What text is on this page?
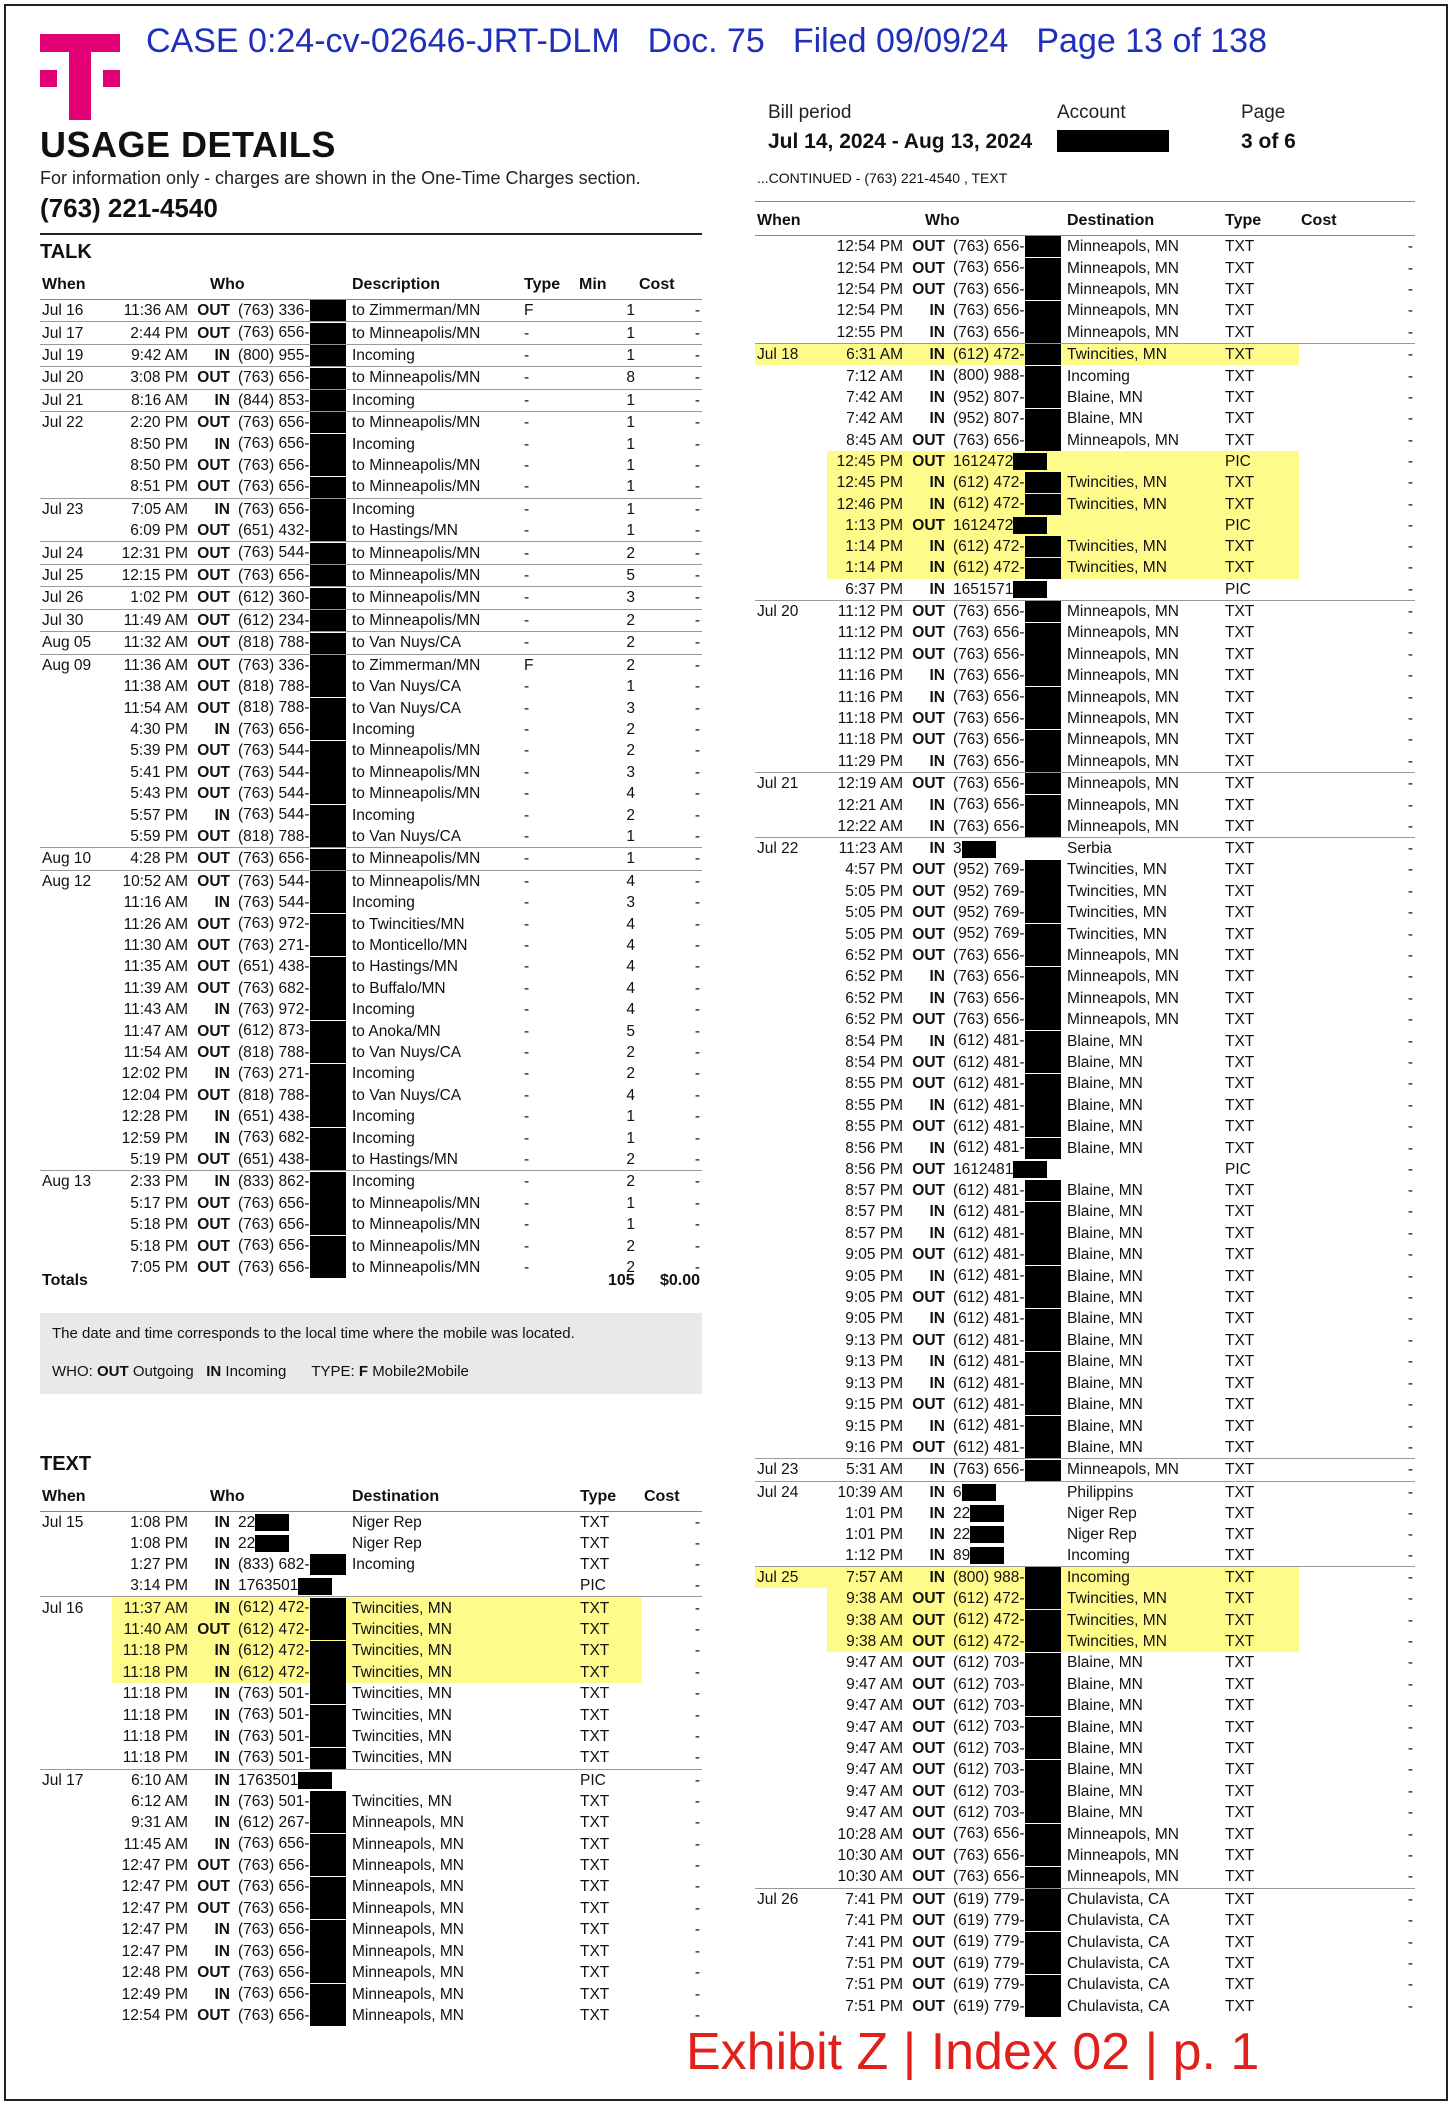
CASE 0:24-cv-02646-JRT-DLM Doc. 75 Filed 09/09/24 Page 13 of 138
USAGE DETAILS
For information only - charges are shown in the One-Time Charges section.
(763) 221-4540
Bill period
Jul 14, 2024 - Aug 13, 2024
Account	Page
3 of 6
...CONTINUED - (763) 221-4540 , TEXT
TALK
When		Who		Description	Type	Min	Cost
Jul 16	11:36 AM	OUT	(763) 336-	to Zimmerman/MN	F	1	-
Jul 17	2:44 PM	OUT	(763) 656-	to Minneapolis/MN	-	1	-
Jul 19	9:42 AM	IN	(800) 955-	Incoming	-	1	-
Jul 20	3:08 PM	OUT	(763) 656-	to Minneapolis/MN	-	8	-
Jul 21	8:16 AM	IN	(844) 853-	Incoming	-	1	-
Jul 22	2:20 PM	OUT	(763) 656-	to Minneapolis/MN	-	1	-
	8:50 PM	IN	(763) 656-	Incoming	-	1	-
	8:50 PM	OUT	(763) 656-	to Minneapolis/MN	-	1	-
	8:51 PM	OUT	(763) 656-	to Minneapolis/MN	-	1	-
Jul 23	7:05 AM	IN	(763) 656-	Incoming	-	1	-
	6:09 PM	OUT	(651) 432-	to Hastings/MN	-	1	-
Jul 24	12:31 PM	OUT	(763) 544-	to Minneapolis/MN	-	2	-
Jul 25	12:15 PM	OUT	(763) 656-	to Minneapolis/MN	-	5	-
Jul 26	1:02 PM	OUT	(612) 360-	to Minneapolis/MN	-	3	-
Jul 30	11:49 AM	OUT	(612) 234-	to Minneapolis/MN	-	2	-
Aug 05	11:32 AM	OUT	(818) 788-	to Van Nuys/CA	-	2	-
Aug 09	11:36 AM	OUT	(763) 336-	to Zimmerman/MN	F	2	-
	11:38 AM	OUT	(818) 788-	to Van Nuys/CA	-	1	-
	11:54 AM	OUT	(818) 788-	to Van Nuys/CA	-	3	-
	4:30 PM	IN	(763) 656-	Incoming	-	2	-
	5:39 PM	OUT	(763) 544-	to Minneapolis/MN	-	2	-
	5:41 PM	OUT	(763) 544-	to Minneapolis/MN	-	3	-
	5:43 PM	OUT	(763) 544-	to Minneapolis/MN	-	4	-
	5:57 PM	IN	(763) 544-	Incoming	-	2	-
	5:59 PM	OUT	(818) 788-	to Van Nuys/CA	-	1	-
Aug 10	4:28 PM	OUT	(763) 656-	to Minneapolis/MN	-	1	-
Aug 12	10:52 AM	OUT	(763) 544-	to Minneapolis/MN	-	4	-
	11:16 AM	IN	(763) 544-	Incoming	-	3	-
	11:26 AM	OUT	(763) 972-	to Twincities/MN	-	4	-
	11:30 AM	OUT	(763) 271-	to Monticello/MN	-	4	-
	11:35 AM	OUT	(651) 438-	to Hastings/MN	-	4	-
	11:39 AM	OUT	(763) 682-	to Buffalo/MN	-	4	-
	11:43 AM	IN	(763) 972-	Incoming	-	4	-
	11:47 AM	OUT	(612) 873-	to Anoka/MN	-	5	-
	11:54 AM	OUT	(818) 788-	to Van Nuys/CA	-	2	-
	12:02 PM	IN	(763) 271-	Incoming	-	2	-
	12:04 PM	OUT	(818) 788-	to Van Nuys/CA	-	4	-
	12:28 PM	IN	(651) 438-	Incoming	-	1	-
	12:59 PM	IN	(763) 682-	Incoming	-	1	-
	5:19 PM	OUT	(651) 438-	to Hastings/MN	-	2	-
Aug 13	2:33 PM	IN	(833) 862-	Incoming	-	2	-
	5:17 PM	OUT	(763) 656-	to Minneapolis/MN	-	1	-
	5:18 PM	OUT	(763) 656-	to Minneapolis/MN	-	1	-
	5:18 PM	OUT	(763) 656-	to Minneapolis/MN	-	2	-
	7:05 PM	OUT	(763) 656-	to Minneapolis/MN	-	2	-
Totals	105 $0.00
The date and time corresponds to the local time where the mobile was located.
WHO: OUT Outgoing IN Incoming TYPE: F Mobile2Mobile
TEXT
When		Who		Destination	Type	Cost
Jul 15	1:08 PM	IN	22	Niger Rep	TXT	-
	1:08 PM	IN	22	Niger Rep	TXT	-
	1:27 PM	IN	(833) 682-	Incoming	TXT	-
	3:14 PM	IN	1763501		PIC	-
Jul 16	11:37 AM	IN	(612) 472-	Twincities, MN	TXT	-
	11:40 AM	OUT	(612) 472-	Twincities, MN	TXT	-
	11:18 PM	IN	(612) 472-	Twincities, MN	TXT	-
	11:18 PM	IN	(612) 472-	Twincities, MN	TXT	-
	11:18 PM	IN	(763) 501-	Twincities, MN	TXT	-
	11:18 PM	IN	(763) 501-	Twincities, MN	TXT	-
	11:18 PM	IN	(763) 501-	Twincities, MN	TXT	-
	11:18 PM	IN	(763) 501-	Twincities, MN	TXT	-
Jul 17	6:10 AM	IN	1763501		PIC	-
	6:12 AM	IN	(763) 501-	Twincities, MN	TXT	-
	9:31 AM	IN	(612) 267-	Minneapols, MN	TXT	-
	11:45 AM	IN	(763) 656-	Minneapols, MN	TXT	-
	12:47 PM	OUT	(763) 656-	Minneapols, MN	TXT	-
	12:47 PM	OUT	(763) 656-	Minneapols, MN	TXT	-
	12:47 PM	OUT	(763) 656-	Minneapols, MN	TXT	-
	12:47 PM	IN	(763) 656-	Minneapols, MN	TXT	-
	12:47 PM	IN	(763) 656-	Minneapols, MN	TXT	-
	12:48 PM	OUT	(763) 656-	Minneapols, MN	TXT	-
	12:49 PM	IN	(763) 656-	Minneapols, MN	TXT	-
	12:54 PM	OUT	(763) 656-	Minneapols, MN	TXT	-
When		Who		Destination	Type	Cost
	12:54 PM	OUT	(763) 656-	Minneapols, MN	TXT	-
	12:54 PM	OUT	(763) 656-	Minneapols, MN	TXT	-
	12:54 PM	OUT	(763) 656-	Minneapols, MN	TXT	-
	12:54 PM	IN	(763) 656-	Minneapols, MN	TXT	-
	12:55 PM	IN	(763) 656-	Minneapols, MN	TXT	-
Jul 18	6:31 AM	IN	(612) 472-	Twincities, MN	TXT	-
	7:12 AM	IN	(800) 988-	Incoming	TXT	-
	7:42 AM	IN	(952) 807-	Blaine, MN	TXT	-
	7:42 AM	IN	(952) 807-	Blaine, MN	TXT	-
	8:45 AM	OUT	(763) 656-	Minneapols, MN	TXT	-
	12:45 PM	OUT	1612472		PIC	-
	12:45 PM	IN	(612) 472-	Twincities, MN	TXT	-
	12:46 PM	IN	(612) 472-	Twincities, MN	TXT	-
	1:13 PM	OUT	1612472		PIC	-
	1:14 PM	IN	(612) 472-	Twincities, MN	TXT	-
	1:14 PM	IN	(612) 472-	Twincities, MN	TXT	-
	6:37 PM	IN	1651571		PIC	-
Jul 20	11:12 PM	OUT	(763) 656-	Minneapols, MN	TXT	-
	11:12 PM	OUT	(763) 656-	Minneapols, MN	TXT	-
	11:12 PM	OUT	(763) 656-	Minneapols, MN	TXT	-
	11:16 PM	IN	(763) 656-	Minneapols, MN	TXT	-
	11:16 PM	IN	(763) 656-	Minneapols, MN	TXT	-
	11:18 PM	OUT	(763) 656-	Minneapols, MN	TXT	-
	11:18 PM	OUT	(763) 656-	Minneapols, MN	TXT	-
	11:29 PM	IN	(763) 656-	Minneapols, MN	TXT	-
Jul 21	12:19 AM	OUT	(763) 656-	Minneapols, MN	TXT	-
	12:21 AM	IN	(763) 656-	Minneapols, MN	TXT	-
	12:22 AM	IN	(763) 656-	Minneapols, MN	TXT	-
Jul 22	11:23 AM	IN	3	Serbia	TXT	-
	4:57 PM	OUT	(952) 769-	Twincities, MN	TXT	-
	5:05 PM	OUT	(952) 769-	Twincities, MN	TXT	-
	5:05 PM	OUT	(952) 769-	Twincities, MN	TXT	-
	5:05 PM	OUT	(952) 769-	Twincities, MN	TXT	-
	6:52 PM	OUT	(763) 656-	Minneapols, MN	TXT	-
	6:52 PM	IN	(763) 656-	Minneapols, MN	TXT	-
	6:52 PM	IN	(763) 656-	Minneapols, MN	TXT	-
	6:52 PM	OUT	(763) 656-	Minneapols, MN	TXT	-
	8:54 PM	IN	(612) 481-	Blaine, MN	TXT	-
	8:54 PM	OUT	(612) 481-	Blaine, MN	TXT	-
	8:55 PM	OUT	(612) 481-	Blaine, MN	TXT	-
	8:55 PM	IN	(612) 481-	Blaine, MN	TXT	-
	8:55 PM	OUT	(612) 481-	Blaine, MN	TXT	-
	8:56 PM	IN	(612) 481-	Blaine, MN	TXT	-
	8:56 PM	OUT	1612481		PIC	-
	8:57 PM	OUT	(612) 481-	Blaine, MN	TXT	-
	8:57 PM	IN	(612) 481-	Blaine, MN	TXT	-
	8:57 PM	IN	(612) 481-	Blaine, MN	TXT	-
	9:05 PM	OUT	(612) 481-	Blaine, MN	TXT	-
	9:05 PM	IN	(612) 481-	Blaine, MN	TXT	-
	9:05 PM	OUT	(612) 481-	Blaine, MN	TXT	-
	9:05 PM	IN	(612) 481-	Blaine, MN	TXT	-
	9:13 PM	OUT	(612) 481-	Blaine, MN	TXT	-
	9:13 PM	IN	(612) 481-	Blaine, MN	TXT	-
	9:13 PM	IN	(612) 481-	Blaine, MN	TXT	-
	9:15 PM	OUT	(612) 481-	Blaine, MN	TXT	-
	9:15 PM	IN	(612) 481-	Blaine, MN	TXT	-
	9:16 PM	OUT	(612) 481-	Blaine, MN	TXT	-
Jul 23	5:31 AM	IN	(763) 656-	Minneapols, MN	TXT	-
Jul 24	10:39 AM	IN	6	Philippins	TXT	-
	1:01 PM	IN	22	Niger Rep	TXT	-
	1:01 PM	IN	22	Niger Rep	TXT	-
	1:12 PM	IN	89	Incoming	TXT	-
Jul 25	7:57 AM	IN	(800) 988-	Incoming	TXT	-
	9:38 AM	OUT	(612) 472-	Twincities, MN	TXT	-
	9:38 AM	OUT	(612) 472-	Twincities, MN	TXT	-
	9:38 AM	OUT	(612) 472-	Twincities, MN	TXT	-
	9:47 AM	OUT	(612) 703-	Blaine, MN	TXT	-
	9:47 AM	OUT	(612) 703-	Blaine, MN	TXT	-
	9:47 AM	OUT	(612) 703-	Blaine, MN	TXT	-
	9:47 AM	OUT	(612) 703-	Blaine, MN	TXT	-
	9:47 AM	OUT	(612) 703-	Blaine, MN	TXT	-
	9:47 AM	OUT	(612) 703-	Blaine, MN	TXT	-
	9:47 AM	OUT	(612) 703-	Blaine, MN	TXT	-
	9:47 AM	OUT	(612) 703-	Blaine, MN	TXT	-
	10:28 AM	OUT	(763) 656-	Minneapols, MN	TXT	-
	10:30 AM	OUT	(763) 656-	Minneapols, MN	TXT	-
	10:30 AM	OUT	(763) 656-	Minneapols, MN	TXT	-
Jul 26	7:41 PM	OUT	(619) 779-	Chulavista, CA	TXT	-
	7:41 PM	OUT	(619) 779-	Chulavista, CA	TXT	-
	7:41 PM	OUT	(619) 779-	Chulavista, CA	TXT	-
	7:51 PM	OUT	(619) 779-	Chulavista, CA	TXT	-
	7:51 PM	OUT	(619) 779-	Chulavista, CA	TXT	-
	7:51 PM	OUT	(619) 779-	Chulavista, CA	TXT	-
Exhibit Z | Index 02 | p. 1
